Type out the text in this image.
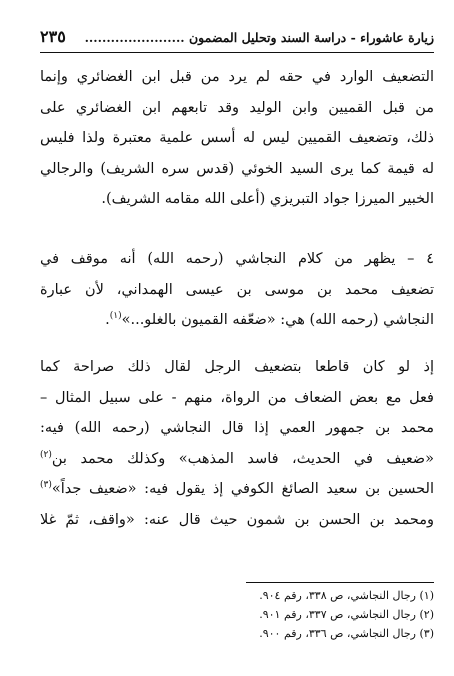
زيارة عاشوراء - دراسة السند وتحليل المضمون .......................
٢٣٥
التضعيف الوارد في حقه لم يرد من قبل ابن الغضائري وإنما
من قبل القميين وابن الوليد وقد تابعهم ابن الغضائري على
ذلك، وتضعيف القميين ليس له أسس علمية معتبرة ولذا فليس
له قيمة كما يرى السيد الخوئي (قدس سره الشريف) والرجالي
الخبير الميرزا جواد التبريزي (أعلى الله مقامه الشريف).
٤ – يظهر من كلام النجاشي (رحمه الله) أنه موقف في
تضعيف محمد بن موسى بن عيسى الهمداني، لأن عبارة
النجاشي (رحمه الله) هي: «ضعّفه القميون بالغلو...»$^{(١)}$.
إذ لو كان قاطعا بتضعيف الرجل لقال ذلك صراحة كما
فعل مع بعض الضعاف من الرواة، منهم - على سبيل المثال –
محمد بن جمهور العمي إذا قال النجاشي (رحمه الله) فيه:
«ضعيف في الحديث، فاسد المذهب» وكذلك محمد بن$^{(٢)}$
الحسين بن سعيد الصائغ الكوفي إذ يقول فيه: «ضعيف جداً»$^{(٣)}$
ومحمد بن الحسن بن شمون حيث قال عنه: «واقف، ثمّ غلا
(١) رجال النجاشي، ص ٣٣٨، رقم ٩٠٤.
(٢) رجال النجاشي، ص ٣٣٧، رقم ٩٠١.
(٣) رجال النجاشي، ص ٣٣٦، رقم ٩٠٠.
